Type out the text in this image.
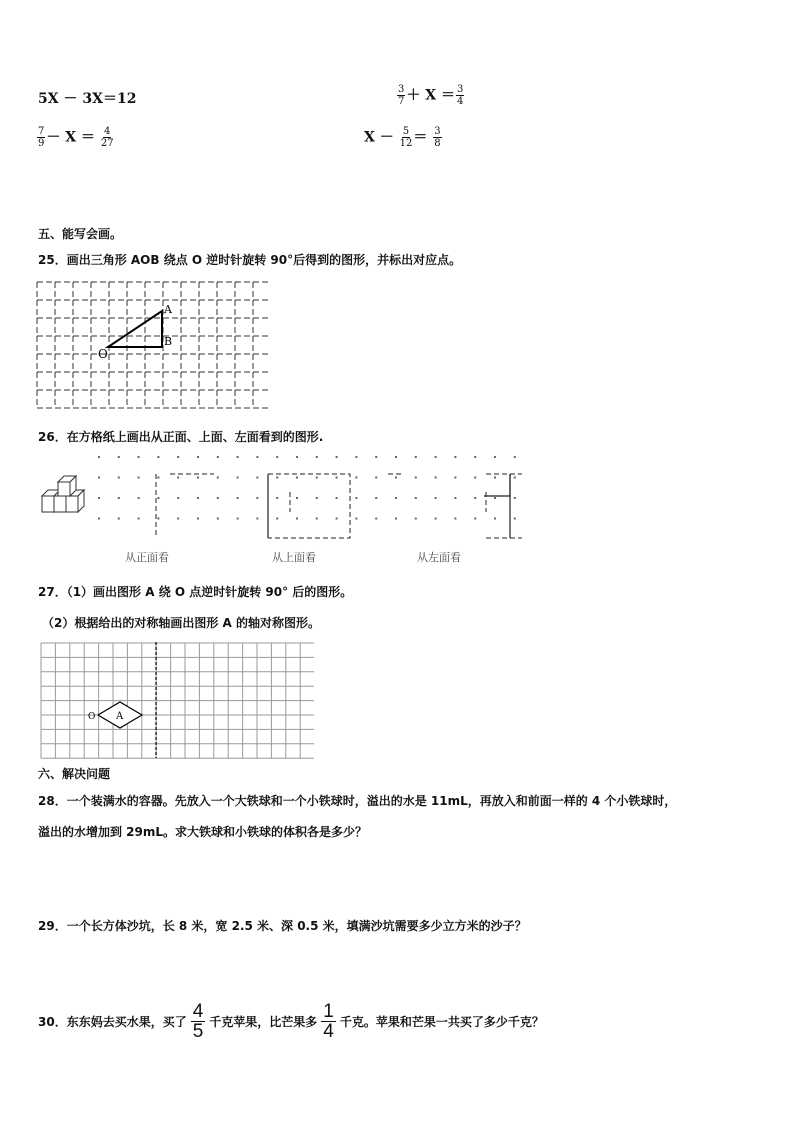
5X － 3X＝12	$\frac{3}{7} + X = \frac{3}{4}$
$\frac{7}{9} - X = \frac{4}{27}$	$X - \frac{5}{12} = \frac{3}{8}$
五、能写会画。
25．画出三角形 AOB 绕点 O 逆时针旋转 90°后得到的图形，并标出对应点。
A
B
O
26．在方格纸上画出从正面、上面、左面看到的图形.
从正面看	从上面看	从左面看
27．（1）画出图形 A 绕 O 点逆时针旋转 90° 后的图形。
（2）根据给出的对称轴画出图形 A 的轴对称图形。
A
O
六、解决问题
28．一个装满水的容器。先放入一个大铁球和一个小铁球时，溢出的水是 11mL，再放入和前面一样的 4 个小铁球时，
溢出的水增加到 29mL。求大铁球和小铁球的体积各是多少？
29．一个长方体沙坑，长 8 米，宽 2.5 米、深 0.5 米，填满沙坑需要多少立方米的沙子？
30．东东妈去买水果，买了 4
5 千克苹果，比芒果多 1
4 千克。苹果和芒果一共买了多少千克？
